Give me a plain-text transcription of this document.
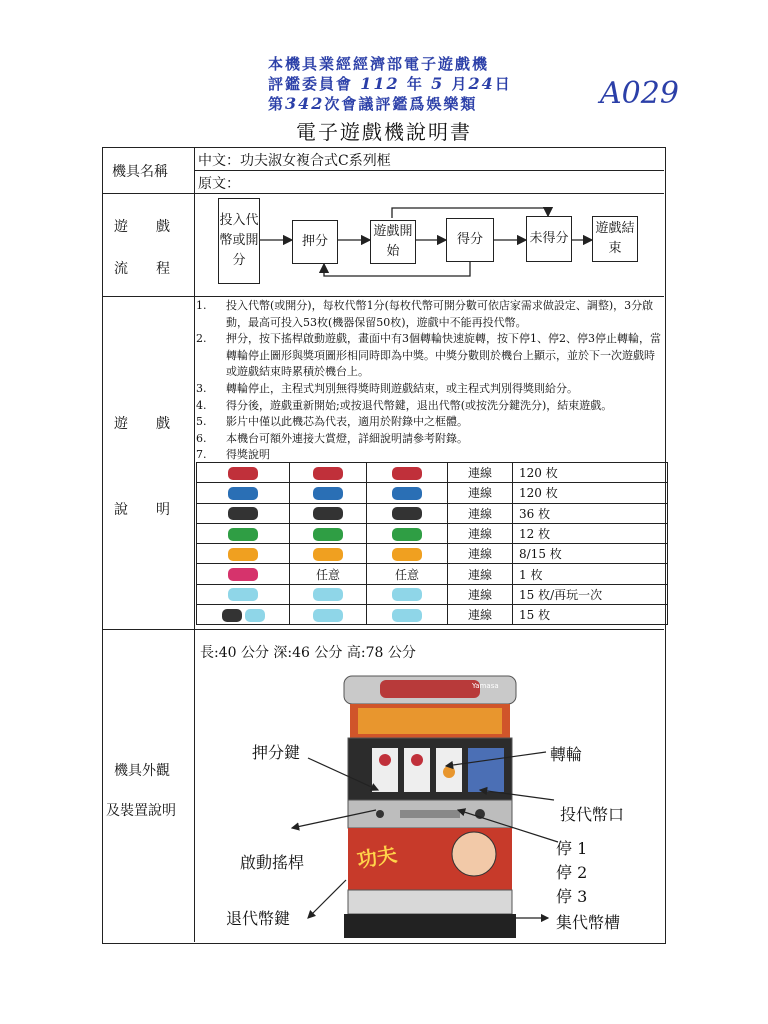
本機具業經經濟部電子遊戲機
評鑑委員會 112 年 5 月24日
第342次會議評鑑爲娛樂類	A029
電子遊戲機說明書
機具名稱
中文：功夫淑女複合式C系列框
原文：
遊　　戲
流　　程
投入代幣或開分
押分
遊戲開始
得分	未得分
遊戲結束
遊　　戲
說　　明
1.	投入代幣(或開分)，每枚代幣1分(每枚代幣可開分數可依店家需求做設定、調整)，3分啟動，最高可投入53枚(機器保留50枚)，遊戲中不能再投代幣。
2.	押分，按下搖桿啟動遊戲，畫面中有3個轉輪快速旋轉，按下停1、停2、停3停止轉輪，當轉輪停止圖形與獎項圖形相同時即為中獎。中獎分數則於機台上顯示，並於下一次遊戲時或遊戲結束時累積於機台上。
3.	轉輪停止，主程式判別無得獎時則遊戲結束，或主程式判別得獎則給分。
4.	得分後，遊戲重新開始;或按退代幣鍵，退出代幣(或按洗分鍵洗分)，結束遊戲。
5.	影片中僅以此機芯為代表，適用於附錄中之框體。
6.	本機台可額外連接大賞燈，詳細說明請參考附錄。
7.	得獎說明
			連線	120 枚
			連線	120 枚
			連線	36 枚
			連線	12 枚
			連線	8/15 枚
	任意	任意	連線	1 枚
			連線	15 枚/再玩一次
			連線	15 枚
機具外觀
及裝置說明
長:40 公分 深:46 公分 高:78 公分
Yamasa
功夫
押分鍵	轉輪
投代幣口
啟動搖桿
停 1
停 2
停 3
退代幣鍵	集代幣槽
